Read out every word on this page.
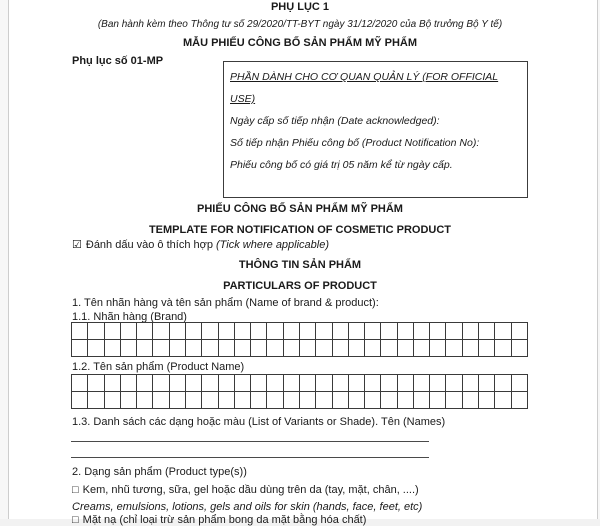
PHỤ LỤC 1
(Ban hành kèm theo Thông tư số 29/2020/TT-BYT ngày 31/12/2020 của Bộ trưởng Bộ Y tế)
MẪU PHIẾU CÔNG BỐ SẢN PHẨM MỸ PHẨM
Phụ lục số 01-MP
PHẦN DÀNH CHO CƠ QUAN QUẢN LÝ (FOR OFFICIAL USE)
Ngày cấp số tiếp nhận (Date acknowledged):
Số tiếp nhận Phiếu công bố (Product Notification No):
Phiếu công bố có giá trị 05 năm kể từ ngày cấp.
PHIẾU CÔNG BỐ SẢN PHẨM MỸ PHẨM
TEMPLATE FOR NOTIFICATION OF COSMETIC PRODUCT
☑ Đánh dấu vào ô thích hợp (Tick where applicable)
THÔNG TIN SẢN PHẨM
PARTICULARS OF PRODUCT
1. Tên nhãn hàng và tên sản phẩm (Name of brand & product):
1.1. Nhãn hàng (Brand)

1.2. Tên sản phẩm (Product Name)

1.3. Danh sách các dạng hoặc màu (List of Variants or Shade). Tên (Names)
2. Dạng sản phẩm (Product type(s))
□ Kem, nhũ tương, sữa, gel hoặc dầu dùng trên da (tay, mặt, chân, ....)
Creams, emulsions, lotions, gels and oils for skin (hands, face, feet, etc)
□ Mặt nạ (chỉ loại trừ sản phẩm bong da mặt bằng hóa chất)
